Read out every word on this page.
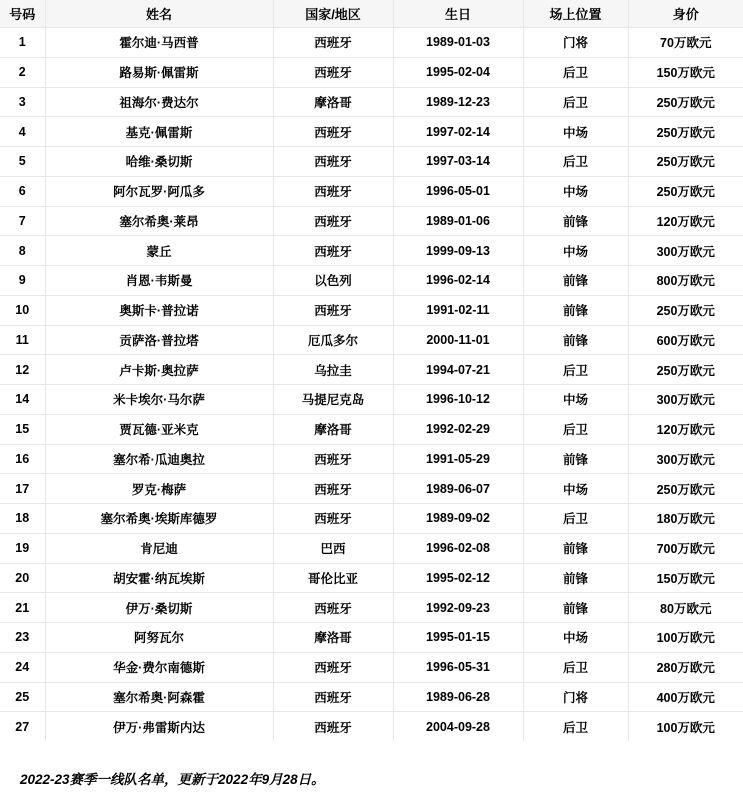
号码	姓名	国家/地区	生日	场上位置	身价
1	霍尔迪·马西普	西班牙	1989-01-03	门将	70万欧元
2	路易斯·佩雷斯	西班牙	1995-02-04	后卫	150万欧元
3	祖海尔·费达尔	摩洛哥	1989-12-23	后卫	250万欧元
4	基克·佩雷斯	西班牙	1997-02-14	中场	250万欧元
5	哈维·桑切斯	西班牙	1997-03-14	后卫	250万欧元
6	阿尔瓦罗·阿瓜多	西班牙	1996-05-01	中场	250万欧元
7	塞尔希奥·莱昂	西班牙	1989-01-06	前锋	120万欧元
8	蒙丘	西班牙	1999-09-13	中场	300万欧元
9	肖恩·韦斯曼	以色列	1996-02-14	前锋	800万欧元
10	奥斯卡·普拉诺	西班牙	1991-02-11	前锋	250万欧元
11	贡萨洛·普拉塔	厄瓜多尔	2000-11-01	前锋	600万欧元
12	卢卡斯·奥拉萨	乌拉圭	1994-07-21	后卫	250万欧元
14	米卡埃尔·马尔萨	马提尼克岛	1996-10-12	中场	300万欧元
15	贾瓦德·亚米克	摩洛哥	1992-02-29	后卫	120万欧元
16	塞尔希·瓜迪奥拉	西班牙	1991-05-29	前锋	300万欧元
17	罗克·梅萨	西班牙	1989-06-07	中场	250万欧元
18	塞尔希奥·埃斯库德罗	西班牙	1989-09-02	后卫	180万欧元
19	肯尼迪	巴西	1996-02-08	前锋	700万欧元
20	胡安霍·纳瓦埃斯	哥伦比亚	1995-02-12	前锋	150万欧元
21	伊万·桑切斯	西班牙	1992-09-23	前锋	80万欧元
23	阿努瓦尔	摩洛哥	1995-01-15	中场	100万欧元
24	华金·费尔南德斯	西班牙	1996-05-31	后卫	280万欧元
25	塞尔希奥·阿森霍	西班牙	1989-06-28	门将	400万欧元
27	伊万·弗雷斯内达	西班牙	2004-09-28	后卫	100万欧元

2022-23赛季一线队名单，更新于2022年9月28日。
